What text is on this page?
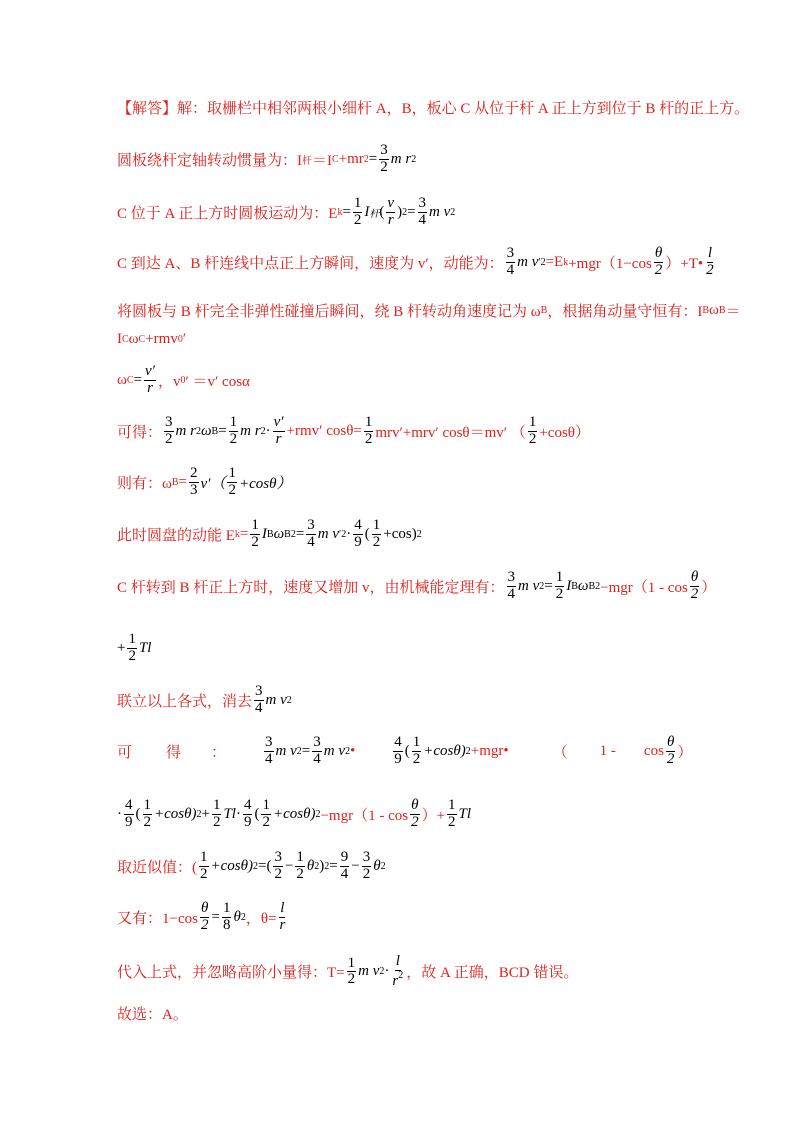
【解答】 解：取栅栏中相邻两根小细杆 A，B，板心 C 从位于杆 A 正上方到位于 B 杆的正上方。
圆板绕杆定轴转动惯量为：I 杆 ＝I C +mr $2 = \frac{3}{2}$ m r 2
C 位于 A 正上方时圆板运动为：E $k = \frac{1}{2}$ I 杆 ( $\frac{v}{r}$ ) $2 = \frac{3}{4}$ m v 2
C 到达 A、B 杆连线中点正上方瞬间，速度为 v′，动能为： $\frac{3}{4}$ m v ′2 =E $k +mgr(1-\cos \frac{\theta}{2}$ ）+T• $\frac{l}{2}$
将圆板与 B 杆完全非弹性碰撞后瞬间，绕 B 杆转动角速度记为 ω B ，根据角动量守恒有：I B ω B ＝
I C ω C +rmv 0 ′
ω $C = \frac{v'}{r}$ ，v 0 ′ ＝v′ cosα
可得： $\frac{3}{2}$ m r 2 ω $B = \frac{1}{2}$ m r $2 \cdot \frac{v'}{r} +rmv'$ $\cos\theta= \frac{1}{2} mrv'+mrv'$ cosθ＝mv′ （ $\frac{1}{2} +\cos\theta$）
则有：ω $B = \frac{2}{3} v'( \frac{1}{2} +\cos\theta)$
此时圆盘的动能 E $k = \frac{1}{2}$ I B ω B $2 = \frac{3}{4}$ m v $'2 \cdot \frac{4}{9}$ ( $\frac{1}{2} +\cos$) 2
C 杆转到 B 杆正上方时，速度又增加 v，由机械能定理有： $\frac{3}{4}$ m v $2 = \frac{1}{2}$ I B ω B $2 -mgr(1 - \cos \frac{\theta}{2}$ ）
+ $\frac{1}{2}$ Tl
联立以上各式，消去 $\frac{3}{4}$ m v 2
可 得 ：	$\frac{3}{4}$ m v $2 = \frac{3}{4}$ m v 2 •	$\frac{4}{9}$ ( $\frac{1}{2} +\cos\theta$) 2 +mgr•	（ $1 - \cos \frac{\theta}{2}$ ）
· $\frac{4}{9}$ ( $\frac{1}{2} +\cos\theta$) $2 + \frac{1}{2}$ $Tl \cdot \frac{4}{9}$ ( $\frac{1}{2} +\cos\theta$) $2 -mgr(1 - \cos \frac{\theta}{2}$ ）+ $\frac{1}{2}$ Tl
取近似值：( $\frac{1}{2} +\cos\theta$) 2 =( $\frac{3}{2} - \frac{1}{2}$ θ 2 ) $2 = \frac{9}{4} - \frac{3}{2}$ θ 2
又有：$1-\cos \frac{\theta}{2} = \frac{1}{8}$ θ 2 ，$\theta= \frac{l}{r}$
代入上式，并忽略高阶小量得：$T= \frac{1}{2}$ m v $2 \cdot \frac{l}{r^2}$ ，故 A 正确，BCD 错误。
故选：A。
